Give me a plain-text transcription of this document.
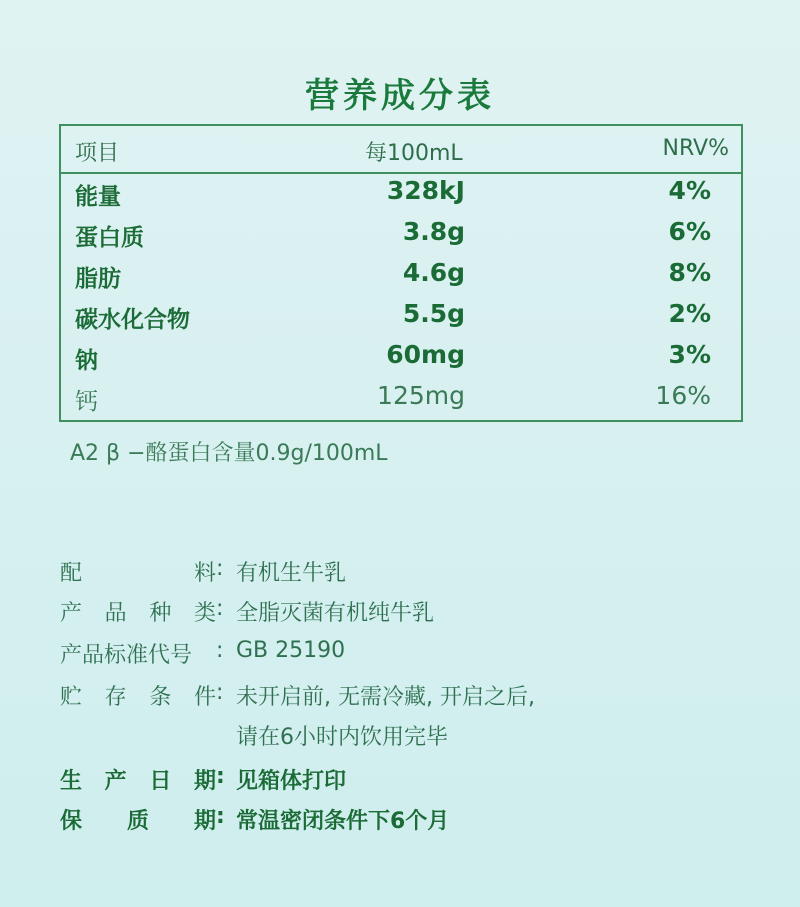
营养成分表
项目	每100mL	NRV%
能量	328kJ	4%
蛋白质	3.8g	6%
脂肪	4.6g	8%
碳水化合物	5.5g	2%
钠	60mg	3%
钙	125mg	16%
A2 β −酪蛋白含量0.9g/100mL
配	料 : 有机生牛乳
产 品 种 类 : 全脂灭菌有机纯牛乳
产品标准代号 : GB 25190
贮 存 条 件 : 未开启前, 无需冷藏, 开启之后,
请在6小时内饮用完毕
生 产 日 期 : 见箱体打印
保 质 期 : 常温密闭条件下6个月
